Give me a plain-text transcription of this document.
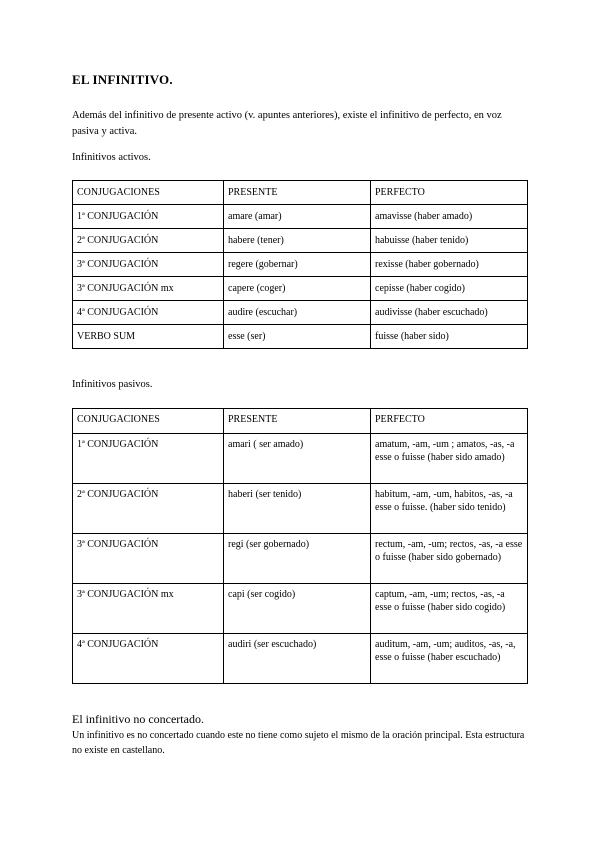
EL INFINITIVO.
Además del infinitivo de presente activo (v. apuntes anteriores), existe el infinitivo de perfecto, en voz pasiva y activa.
Infinitivos activos.
CONJUGACIONES	PRESENTE	PERFECTO
1ª CONJUGACIÓN	amare (amar)	amavisse (haber amado)
2ª CONJUGACIÓN	habere (tener)	habuisse (haber tenido)
3ª CONJUGACIÓN	regere (gobernar)	rexisse (haber gobernado)
3ª CONJUGACIÓN mx	capere (coger)	cepisse (haber cogido)
4ª CONJUGACIÓN	audire (escuchar)	audivisse (haber escuchado)
VERBO SUM	esse (ser)	fuisse (haber sido)
Infinitivos pasivos.
CONJUGACIONES	PRESENTE	PERFECTO
1ª CONJUGACIÓN	amari ( ser amado)	amatum, -am, -um ; amatos, -as, -a esse o fuisse (haber sido amado)
2ª CONJUGACIÓN	haberi (ser tenido)	habitum, -am, -um, habitos, -as, -a esse o fuisse. (haber sido tenido)
3ª CONJUGACIÓN	regi (ser gobernado)	rectum, -am, -um; rectos, -as, -a esse o fuisse (haber sido gobernado)
3ª CONJUGACIÓN mx	capi (ser cogido)	captum, -am, -um; rectos, -as, -a esse o fuisse (haber sido cogido)
4ª CONJUGACIÓN	audiri (ser escuchado)	auditum, -am, -um; auditos, -as, -a, esse o fuisse (haber escuchado)
El infinitivo no concertado.
Un infinitivo es no concertado cuando este no tiene como sujeto el mismo de la oración principal. Esta estructura no existe en castellano.
